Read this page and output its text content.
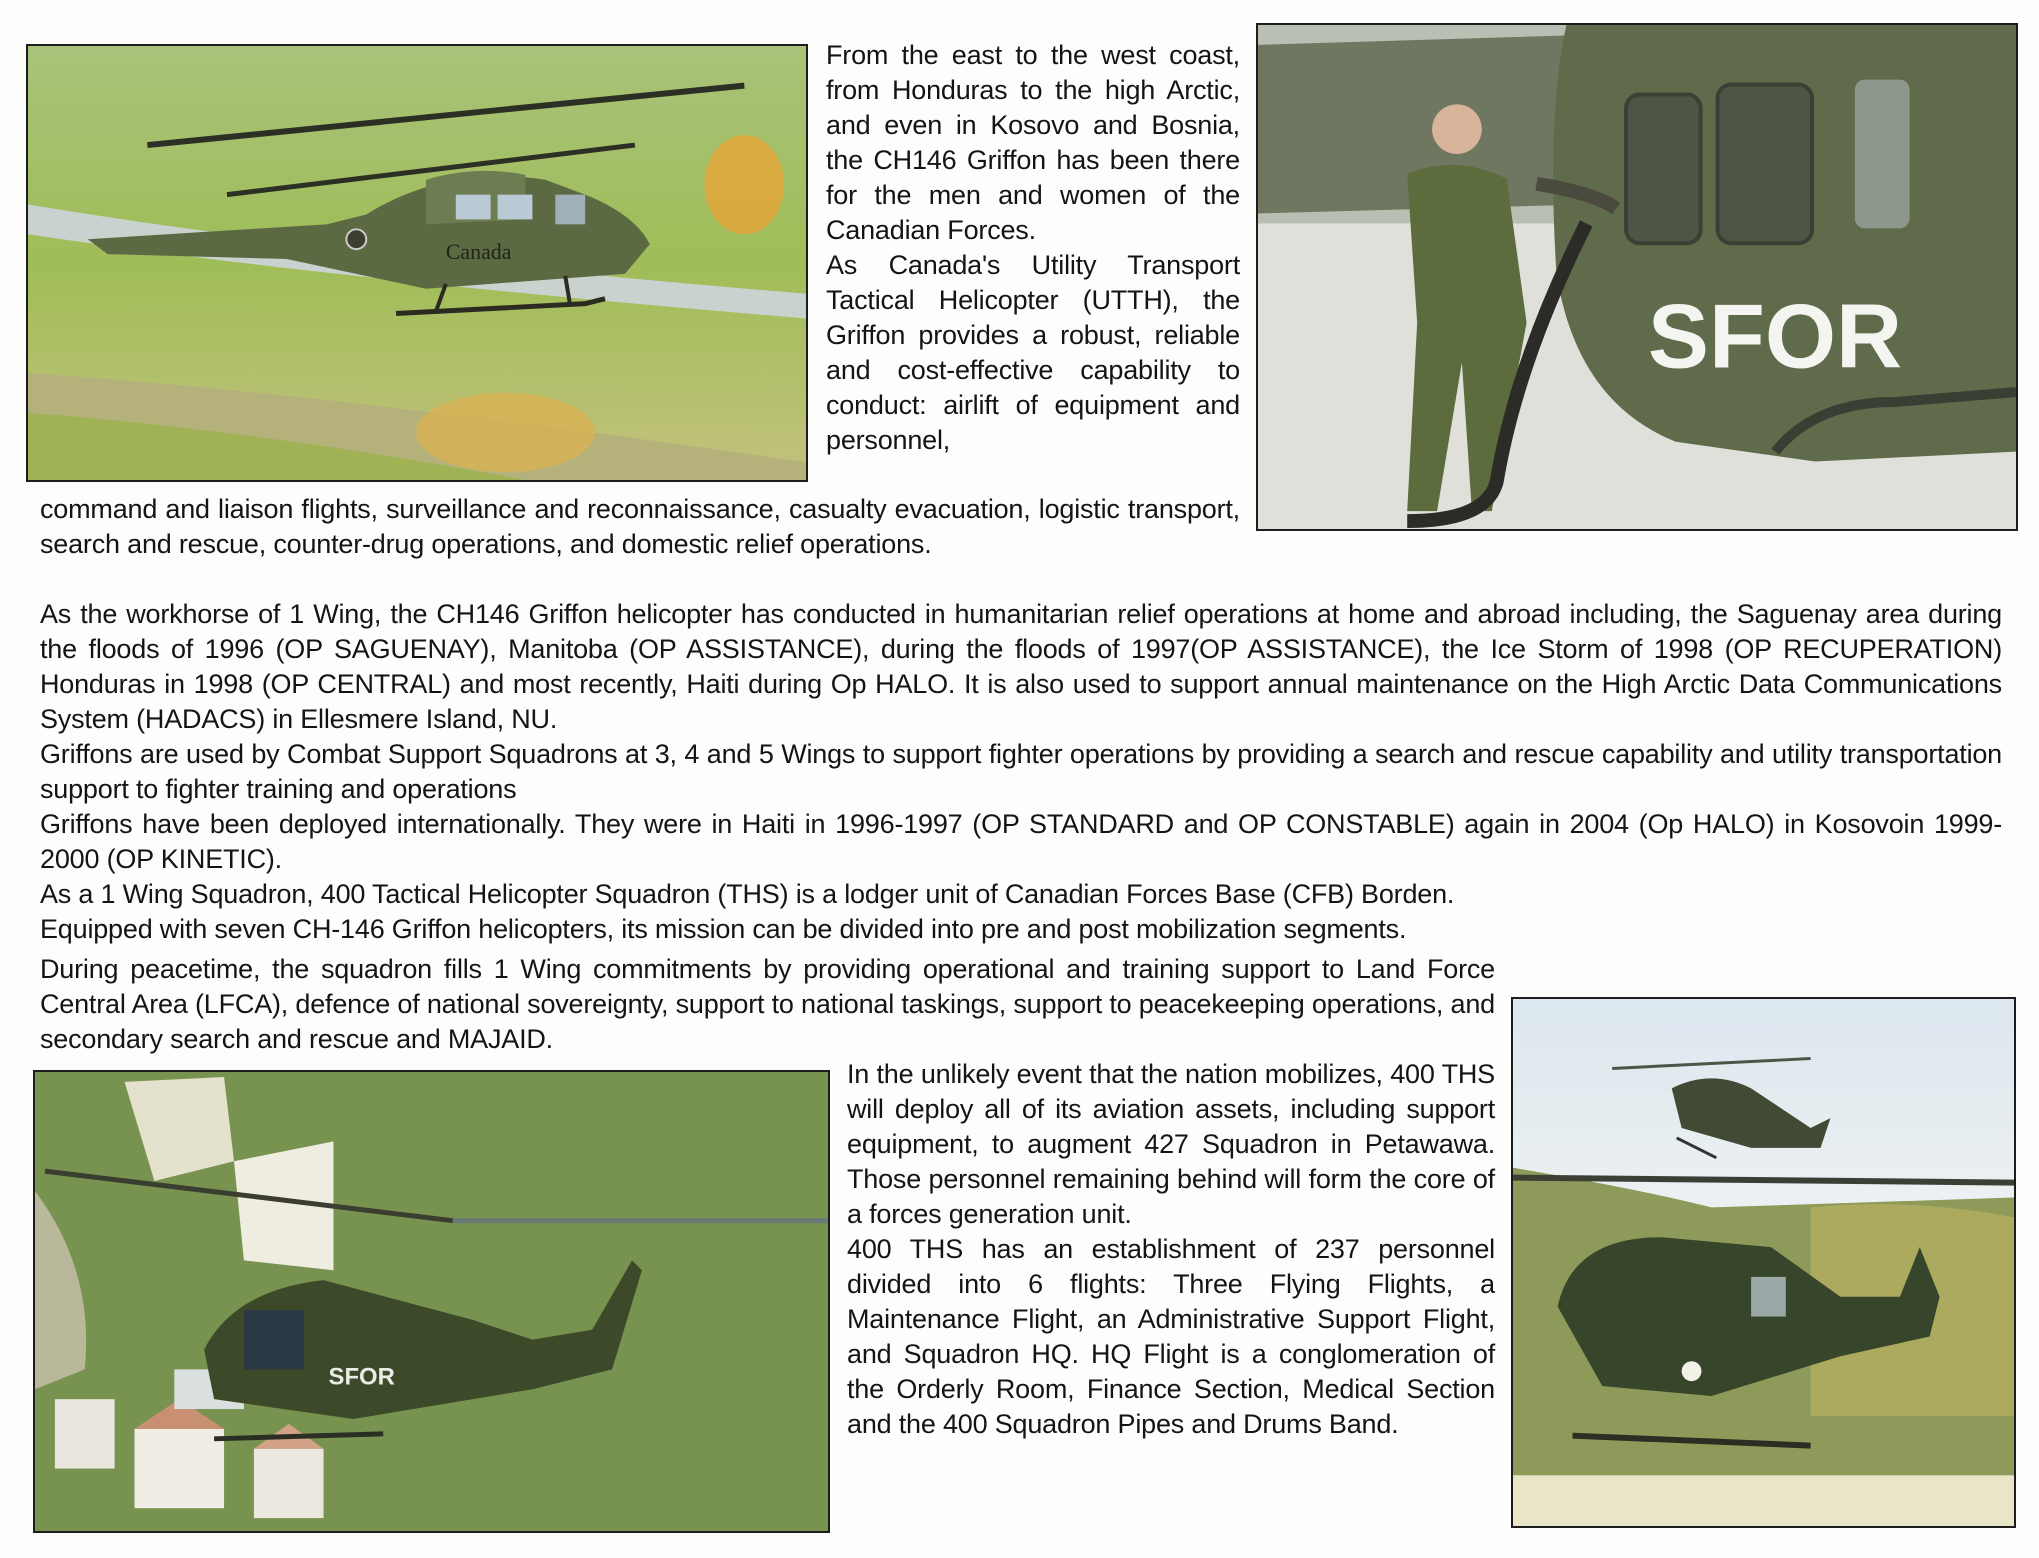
Canada
SFOR

From the east to the west coast, from Honduras to the high Arctic, and even in Kosovo and Bosnia, the CH146 Griffon has been there for the men and women of the Canadian Forces.

As Canada's Utility Transport Tactical Helicopter (UTTH), the Griffon provides a robust, reliable and cost-effective capability to conduct: airlift of equipment and personnel,

command and liaison flights, surveillance and reconnaissance, casualty evacuation, logistic transport, search and rescue, counter-drug operations, and domestic relief operations.

As the workhorse of 1 Wing, the CH146 Griffon helicopter has conducted in humanitarian relief operations at home and abroad including, the Saguenay area during the floods of 1996 (OP SAGUENAY), Manitoba (OP ASSISTANCE), during the floods of 1997(OP ASSISTANCE), the Ice Storm of 1998 (OP RECUPERATION) Honduras in 1998 (OP CENTRAL) and most recently, Haiti during Op HALO. It is also used to support annual maintenance on the High Arctic Data Communications System (HADACS) in Ellesmere Island, NU.

Griffons are used by Combat Support Squadrons at 3, 4 and 5 Wings to support fighter operations by providing a search and rescue capability and utility transportation support to fighter training and operations

Griffons have been deployed internationally. They were in Haiti in 1996-1997 (OP STANDARD and OP CONSTABLE) again in 2004 (Op HALO) in Kosovoin 1999-2000 (OP KINETIC).

As a 1 Wing Squadron, 400 Tactical Helicopter Squadron (THS) is a lodger unit of Canadian Forces Base (CFB) Borden.

Equipped with seven CH-146 Griffon helicopters, its mission can be divided into pre and post mobilization segments.

During peacetime, the squadron fills 1 Wing commitments by providing operational and training support to Land Force Central Area (LFCA), defence of national sovereignty, support to national taskings, support to peacekeeping operations, and secondary search and rescue and MAJAID.

SFOR

In the unlikely event that the nation mobilizes, 400 THS will deploy all of its aviation assets, including support equipment, to augment 427 Squadron in Petawawa. Those personnel remaining behind will form the core of a forces generation unit.

400 THS has an establishment of 237 personnel divided into 6 flights: Three Flying Flights, a Maintenance Flight, an Administrative Support Flight, and Squadron HQ. HQ Flight is a conglomeration of the Orderly Room, Finance Section, Medical Section and the 400 Squadron Pipes and Drums Band.
